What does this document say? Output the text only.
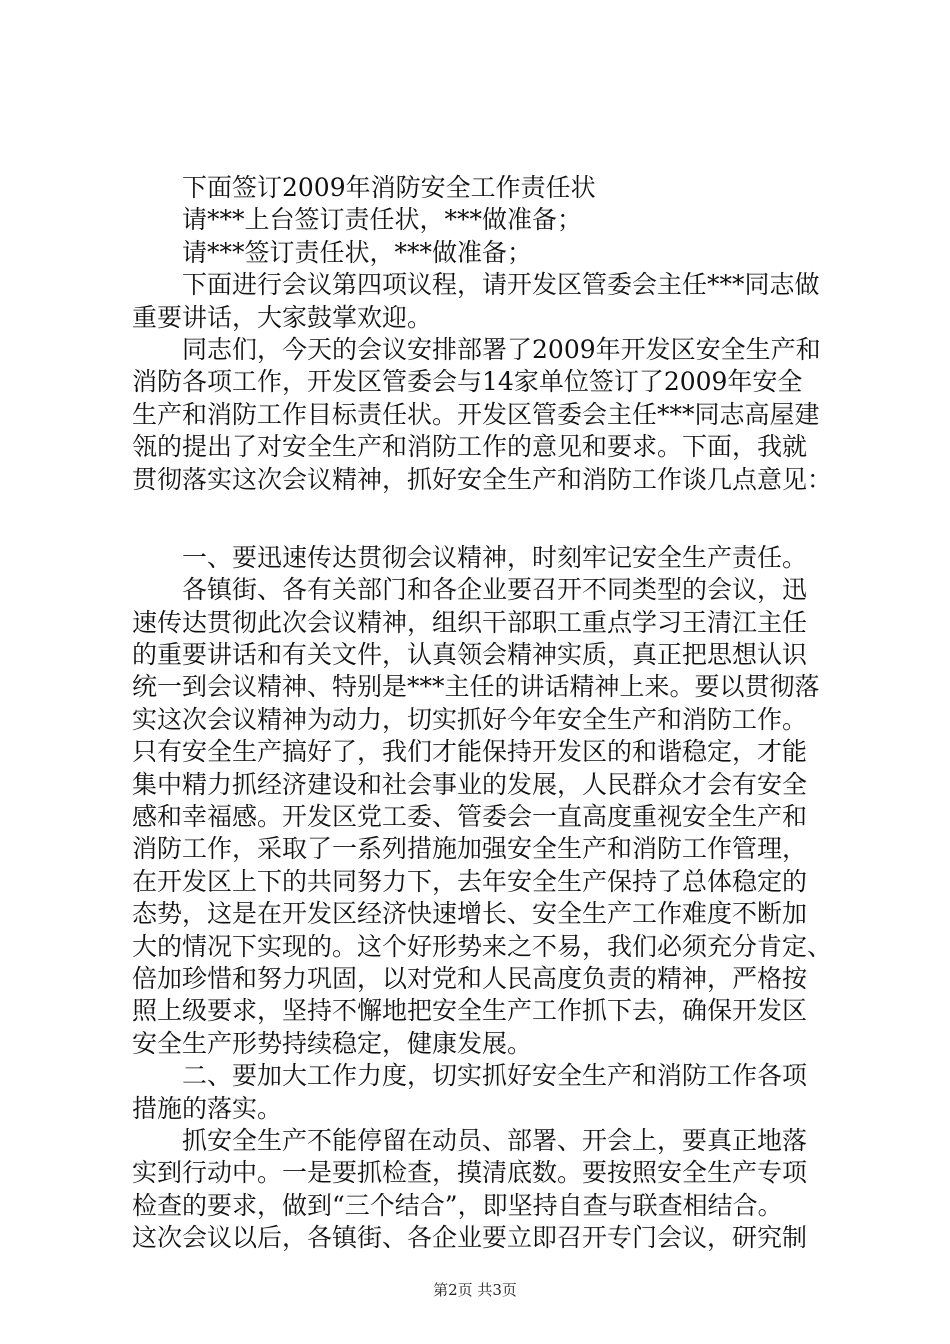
　　下面签订2009年消防安全工作责任状
　　请***上台签订责任状，***做准备；
　　请***签订责任状，***做准备；
　　下面进行会议第四项议程，请开发区管委会主任***同志做
重要讲话，大家鼓掌欢迎。
　　同志们，今天的会议安排部署了2009年开发区安全生产和
消防各项工作，开发区管委会与14家单位签订了2009年安全
生产和消防工作目标责任状。开发区管委会主任***同志高屋建
瓴的提出了对安全生产和消防工作的意见和要求。下面，我就
贯彻落实这次会议精神，抓好安全生产和消防工作谈几点意见：
　　一、要迅速传达贯彻会议精神，时刻牢记安全生产责任。
　　各镇街、各有关部门和各企业要召开不同类型的会议，迅
速传达贯彻此次会议精神，组织干部职工重点学习王清江主任
的重要讲话和有关文件，认真领会精神实质，真正把思想认识
统一到会议精神、特别是***主任的讲话精神上来。要以贯彻落
实这次会议精神为动力，切实抓好今年安全生产和消防工作。
只有安全生产搞好了，我们才能保持开发区的和谐稳定，才能
集中精力抓经济建设和社会事业的发展，人民群众才会有安全
感和幸福感。开发区党工委、管委会一直高度重视安全生产和
消防工作，采取了一系列措施加强安全生产和消防工作管理，
在开发区上下的共同努力下，去年安全生产保持了总体稳定的
态势，这是在开发区经济快速增长、安全生产工作难度不断加
大的情况下实现的。这个好形势来之不易，我们必须充分肯定、
倍加珍惜和努力巩固，以对党和人民高度负责的精神，严格按
照上级要求，坚持不懈地把安全生产工作抓下去，确保开发区
安全生产形势持续稳定，健康发展。
　　二、要加大工作力度，切实抓好安全生产和消防工作各项
措施的落实。
　　抓安全生产不能停留在动员、部署、开会上，要真正地落
实到行动中。一是要抓检查，摸清底数。要按照安全生产专项
检查的要求，做到“三个结合”，即坚持自查与联查相结合。
这次会议以后，各镇街、各企业要立即召开专门会议，研究制
第2页 共3页
